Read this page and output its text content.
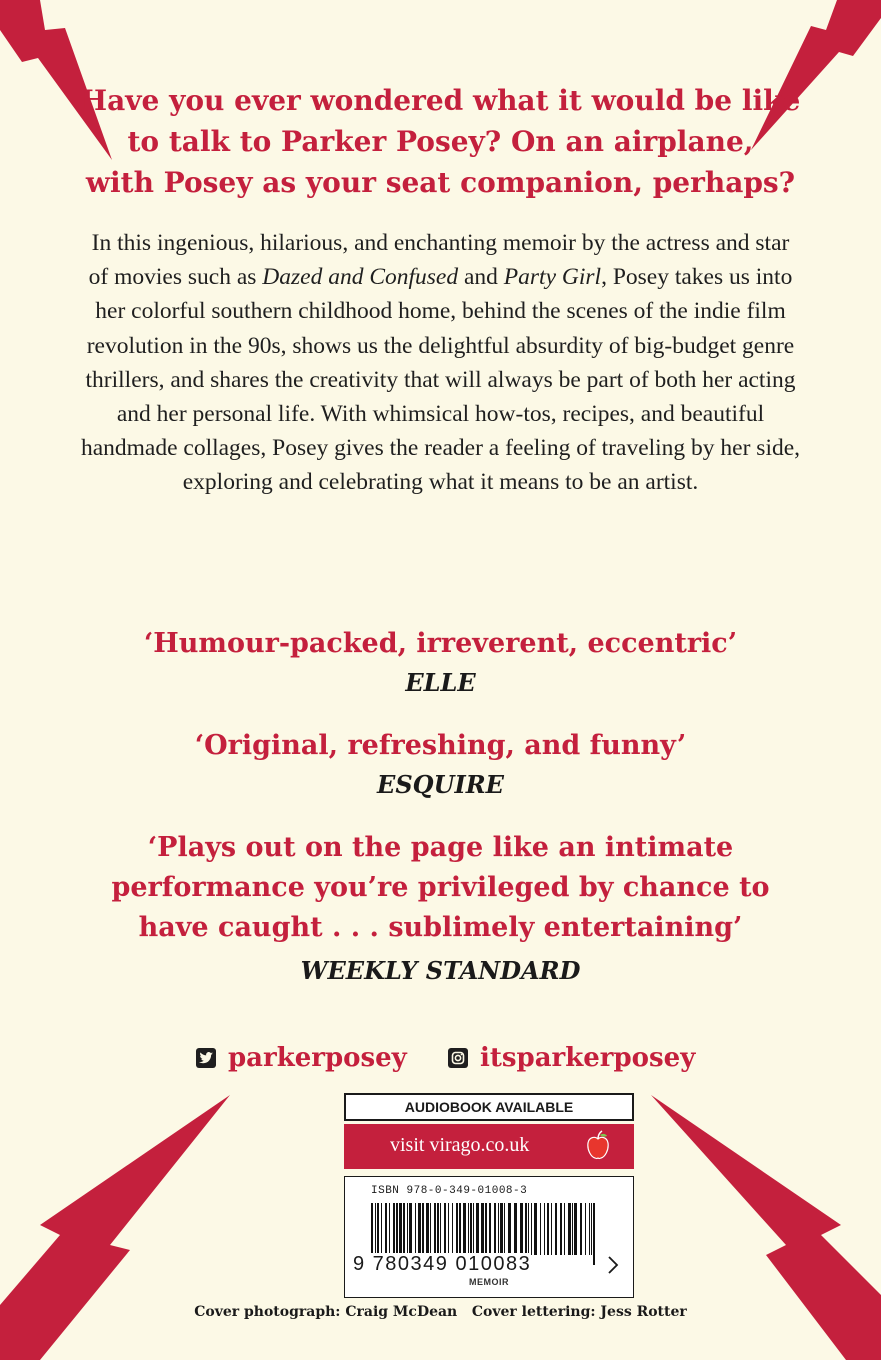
Have you ever wondered what it would be like
to talk to Parker Posey? On an airplane,
with Posey as your seat companion, perhaps?
In this ingenious, hilarious, and enchanting memoir by the actress and star of movies such as Dazed and Confused and Party Girl, Posey takes us into her colorful southern childhood home, behind the scenes of the indie film revolution in the 90s, shows us the delightful absurdity of big-budget genre thrillers, and shares the creativity that will always be part of both her acting and her personal life. With whimsical how-tos, recipes, and beautiful handmade collages, Posey gives the reader a feeling of traveling by her side, exploring and celebrating what it means to be an artist.
‘Humour-packed, irreverent, eccentric’
ELLE
‘Original, refreshing, and funny’
ESQUIRE
‘Plays out on the page like an intimate
performance you’re privileged by chance to
have caught . . . sublimely entertaining’
WEEKLY STANDARD
parkerposey	itsparkerposey
AUDIOBOOK AVAILABLE
visit virago.co.uk
ISBN 978-0-349-01008-3
9 780349 010083
MEMOIR
Cover photograph: Craig McDean Cover lettering: Jess Rotter
